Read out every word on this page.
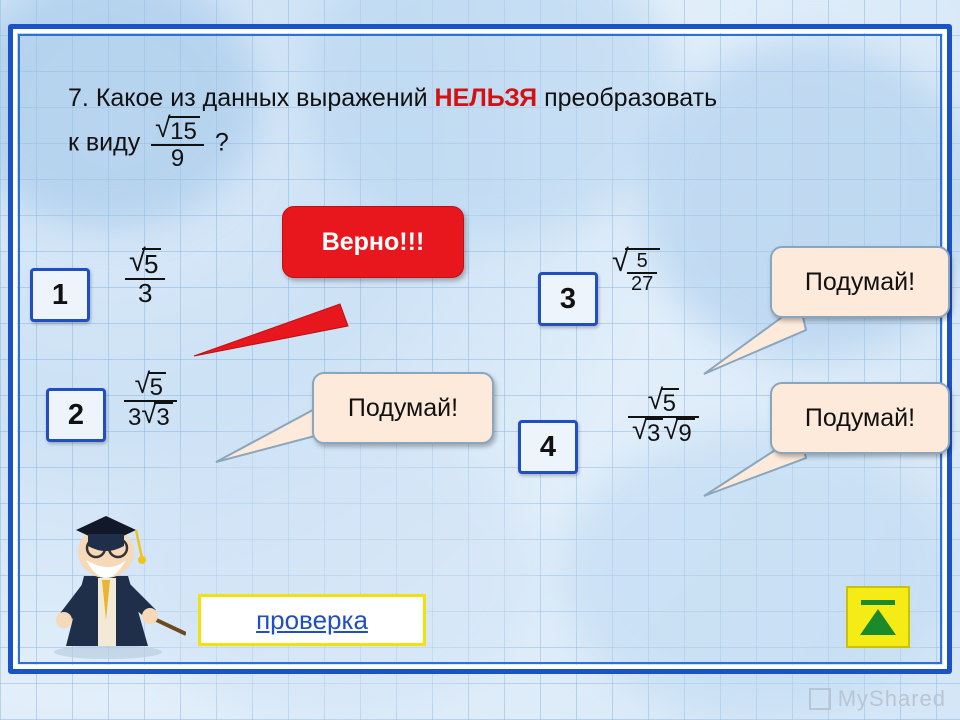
7. Какое из данных выражений НЕЛЬЗЯ преобразовать
к виду √ $\frac{15}{9}$ ?
1 √ $\frac{5}{3}$
2 √ $\frac{5}{3 √ 3}$
3
√ $\frac{5}{27}$
4
√ 5
√ 3 √ 9
Верно!!!
Подумай!
Подумай!
Подумай!
проверка
MyShared
